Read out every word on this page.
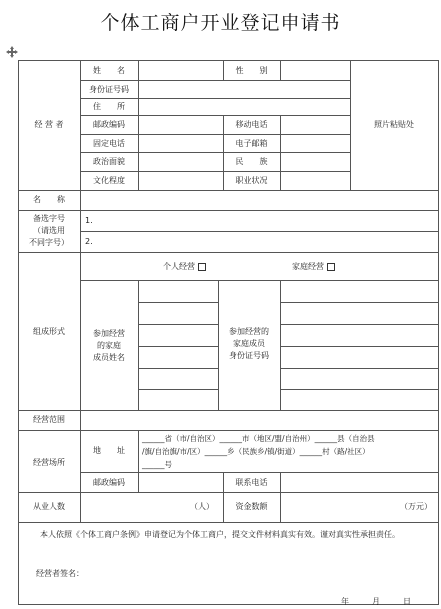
个体工商户开业登记申请书
经 营 者
姓　　名	性　　别
身份证号码
住　　所
邮政编码	移动电话
固定电话	电子邮箱
政治面貌	民　　族
文化程度	职业状况
照片粘贴处
名　　称
备选字号
（请选用
不同字号）
1.
2.
组成形式
个人经营	家庭经营
参加经营
的家庭
成员姓名
参加经营的
家庭成员
身份证号码
经营范围
经营场所
地　　址
______省（市/自治区）______市（地区/盟/自治州）______县（自治县
/旗/自治旗/市/区）______乡（民族乡/镇/街道）______村（路/社区）
______号
邮政编码	联系电话
从业人数	（人）	资金数额	（万元）
本人依照《个体工商户条例》申请登记为个体工商户，提交文件材料真实有效。谨对真实性承担责任。
经营者签名：
年	月	日
